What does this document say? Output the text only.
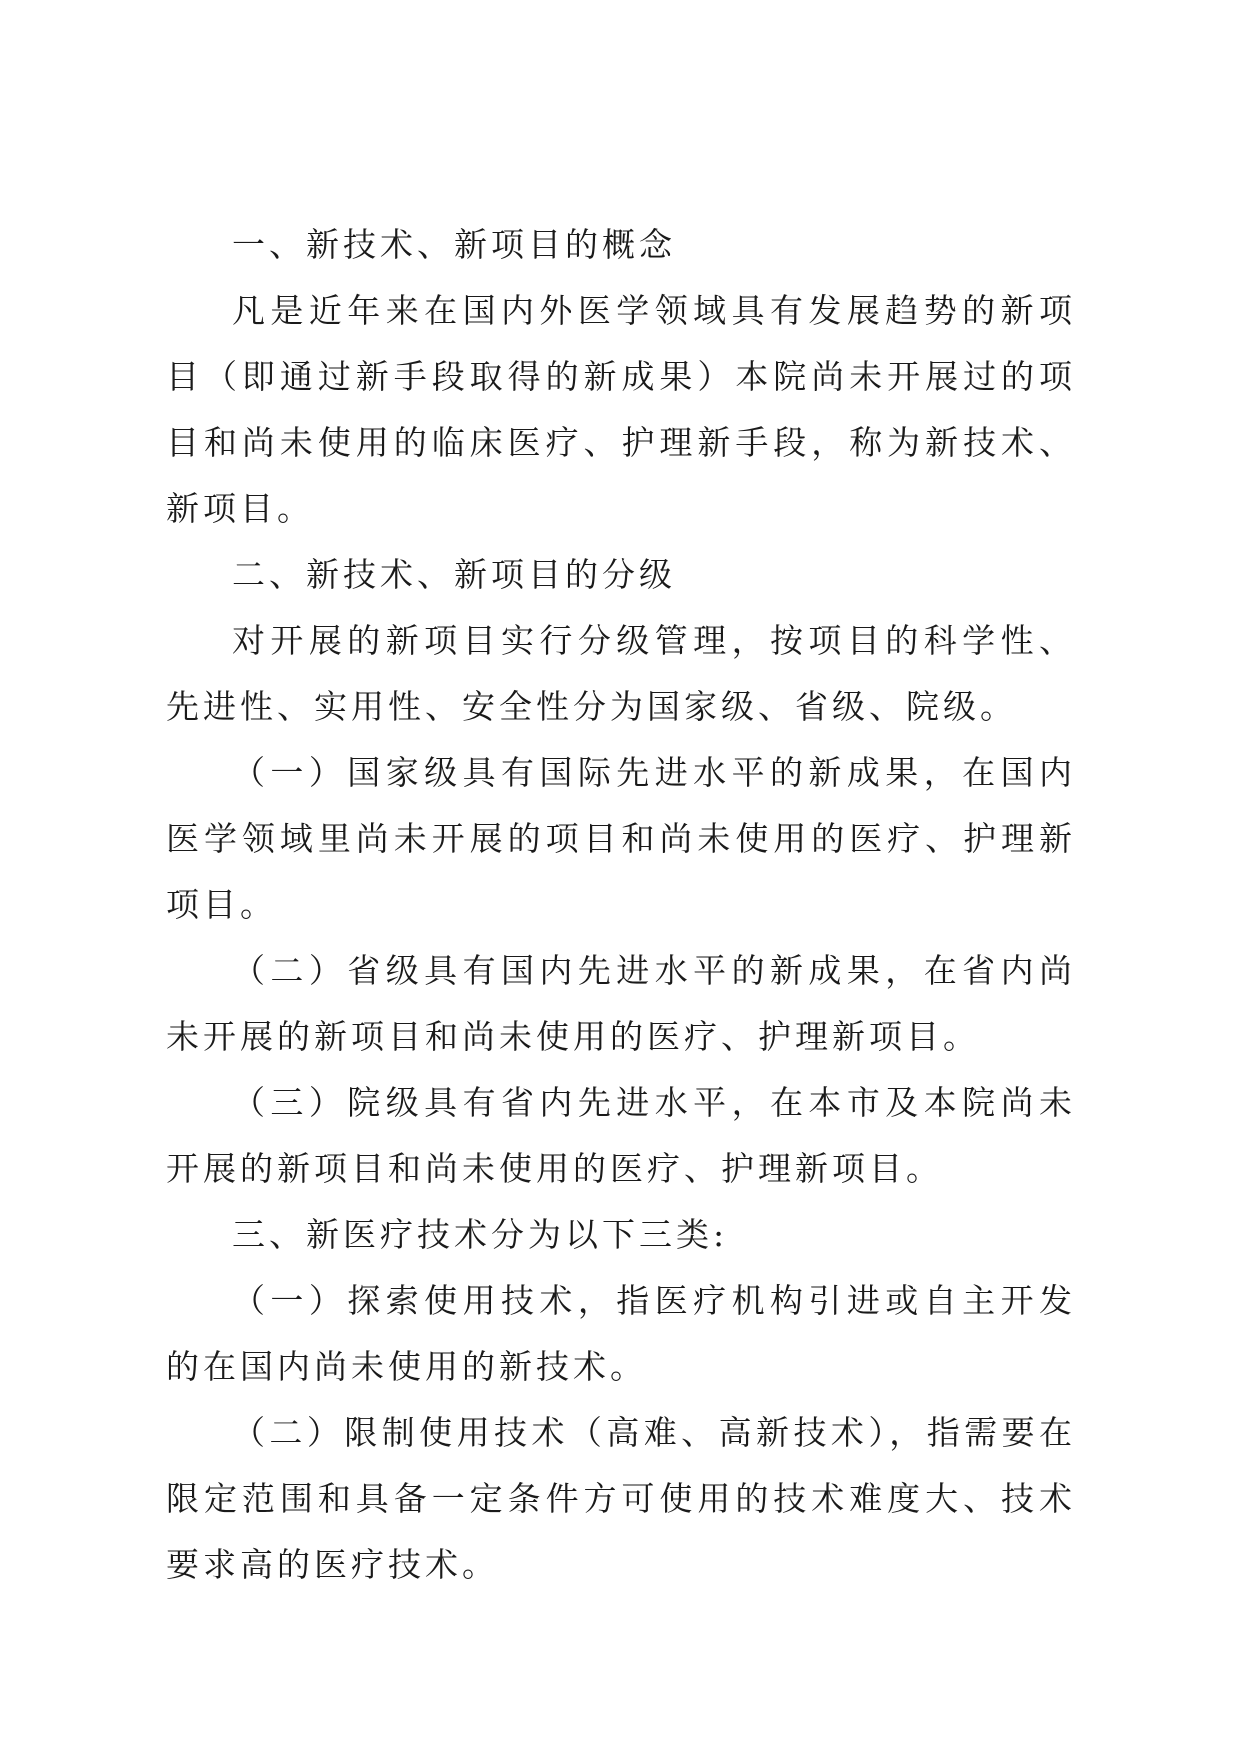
一、新技术、新项目的概念

凡是近年来在国内外医学领域具有发展趋势的新项目（即通过新手段取得的新成果）本院尚未开展过的项目和尚未使用的临床医疗、护理新手段，称为新技术、新项目。

二、新技术、新项目的分级

对开展的新项目实行分级管理，按项目的科学性、先进性、实用性、安全性分为国家级、省级、院级。

（一）国家级具有国际先进水平的新成果，在国内医学领域里尚未开展的项目和尚未使用的医疗、护理新项目。

（二）省级具有国内先进水平的新成果，在省内尚未开展的新项目和尚未使用的医疗、护理新项目。

（三）院级具有省内先进水平，在本市及本院尚未开展的新项目和尚未使用的医疗、护理新项目。

三、新医疗技术分为以下三类:

（一）探索使用技术，指医疗机构引进或自主开发的在国内尚未使用的新技术。

（二）限制使用技术（高难、高新技术），指需要在限定范围和具备一定条件方可使用的技术难度大、技术要求高的医疗技术。
